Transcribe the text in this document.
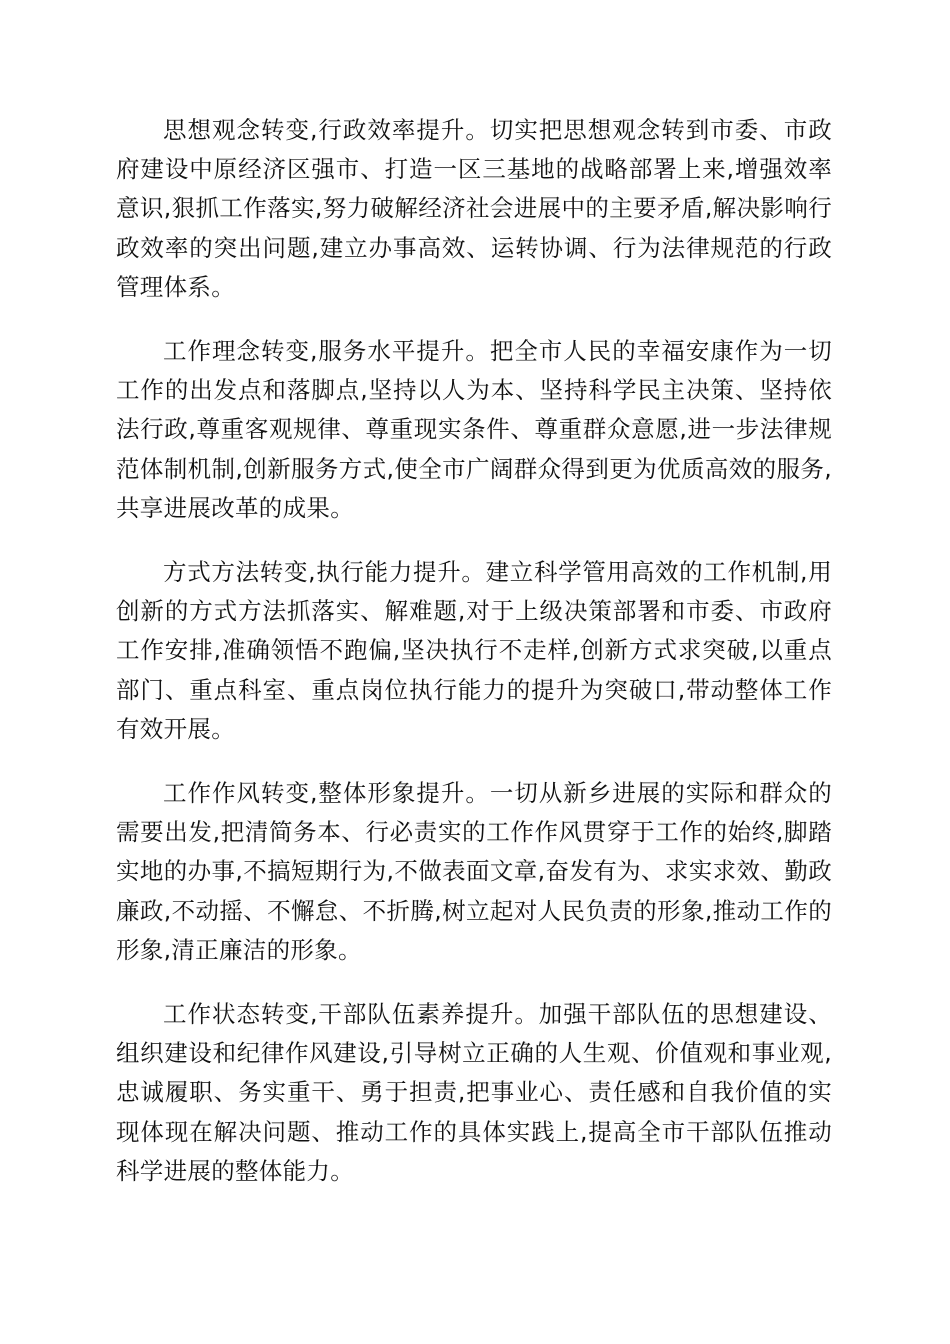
思想观念转变,行政效率提升。切实把思想观念转到市委、市政府建设中原经济区强市、打造一区三基地的战略部署上来,增强效率意识,狠抓工作落实,努力破解经济社会进展中的主要矛盾,解决影响行政效率的突出问题,建立办事高效、运转协调、行为法律规范的行政管理体系。

工作理念转变,服务水平提升。把全市人民的幸福安康作为一切工作的出发点和落脚点,坚持以人为本、坚持科学民主决策、坚持依法行政,尊重客观规律、尊重现实条件、尊重群众意愿,进一步法律规范体制机制,创新服务方式,使全市广阔群众得到更为优质高效的服务,共享进展改革的成果。

方式方法转变,执行能力提升。建立科学管用高效的工作机制,用创新的方式方法抓落实、解难题,对于上级决策部署和市委、市政府工作安排,准确领悟不跑偏,坚决执行不走样,创新方式求突破,以重点部门、重点科室、重点岗位执行能力的提升为突破口,带动整体工作有效开展。

工作作风转变,整体形象提升。一切从新乡进展的实际和群众的需要出发,把清简务本、行必责实的工作作风贯穿于工作的始终,脚踏实地的办事,不搞短期行为,不做表面文章,奋发有为、求实求效、勤政廉政,不动摇、不懈怠、不折腾,树立起对人民负责的形象,推动工作的形象,清正廉洁的形象。

工作状态转变,干部队伍素养提升。加强干部队伍的思想建设、组织建设和纪律作风建设,引导树立正确的人生观、价值观和事业观,忠诚履职、务实重干、勇于担责,把事业心、责任感和自我价值的实现体现在解决问题、推动工作的具体实践上,提高全市干部队伍推动科学进展的整体能力。
